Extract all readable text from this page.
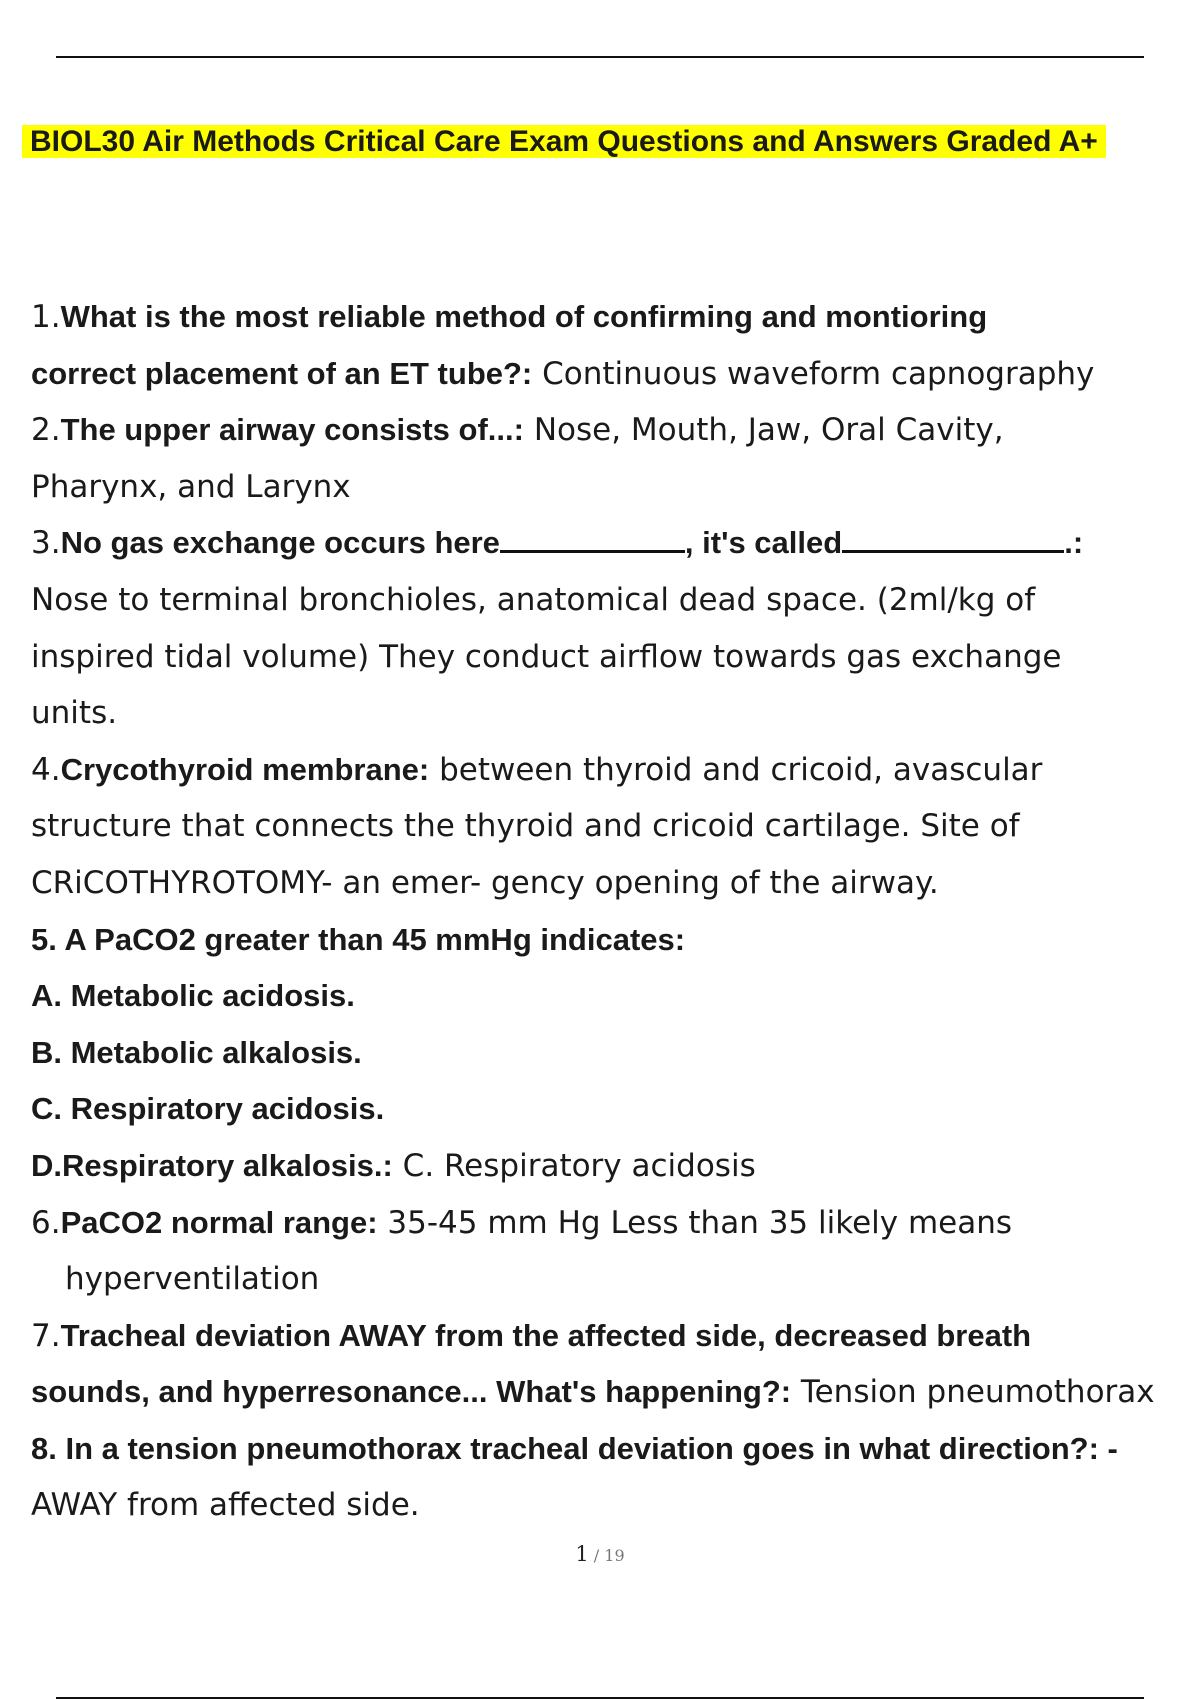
BIOL30 Air Methods Critical Care Exam Questions and Answers Graded A+

1.What is the most reliable method of confirming and montioring

correct placement of an ET tube?: Continuous waveform capnography

2.The upper airway consists of...: Nose, Mouth, Jaw, Oral Cavity,

Pharynx, and Larynx

3.No gas exchange occurs here	, it's called	.:

Nose to terminal bronchioles, anatomical dead space. (2ml/kg of

inspired tidal volume) They conduct airflow towards gas exchange

units.

4.Crycothyroid membrane: between thyroid and cricoid, avascular

structure that connects the thyroid and cricoid cartilage. Site of

CRiCOTHYROTOMY- an emer- gency opening of the airway.

5. A PaCO2 greater than 45 mmHg indicates:

A. Metabolic acidosis.

B. Metabolic alkalosis.

C. Respiratory acidosis.

D.Respiratory alkalosis.: C. Respiratory acidosis

6.PaCO2 normal range: 35-45 mm Hg Less than 35 likely means

hyperventilation

7.Tracheal deviation AWAY from the affected side, decreased breath

sounds, and hyperresonance... What's happening?: Tension pneumothorax

8. In a tension pneumothorax tracheal deviation goes in what direction?: -

AWAY from affected side.

1 / 19
